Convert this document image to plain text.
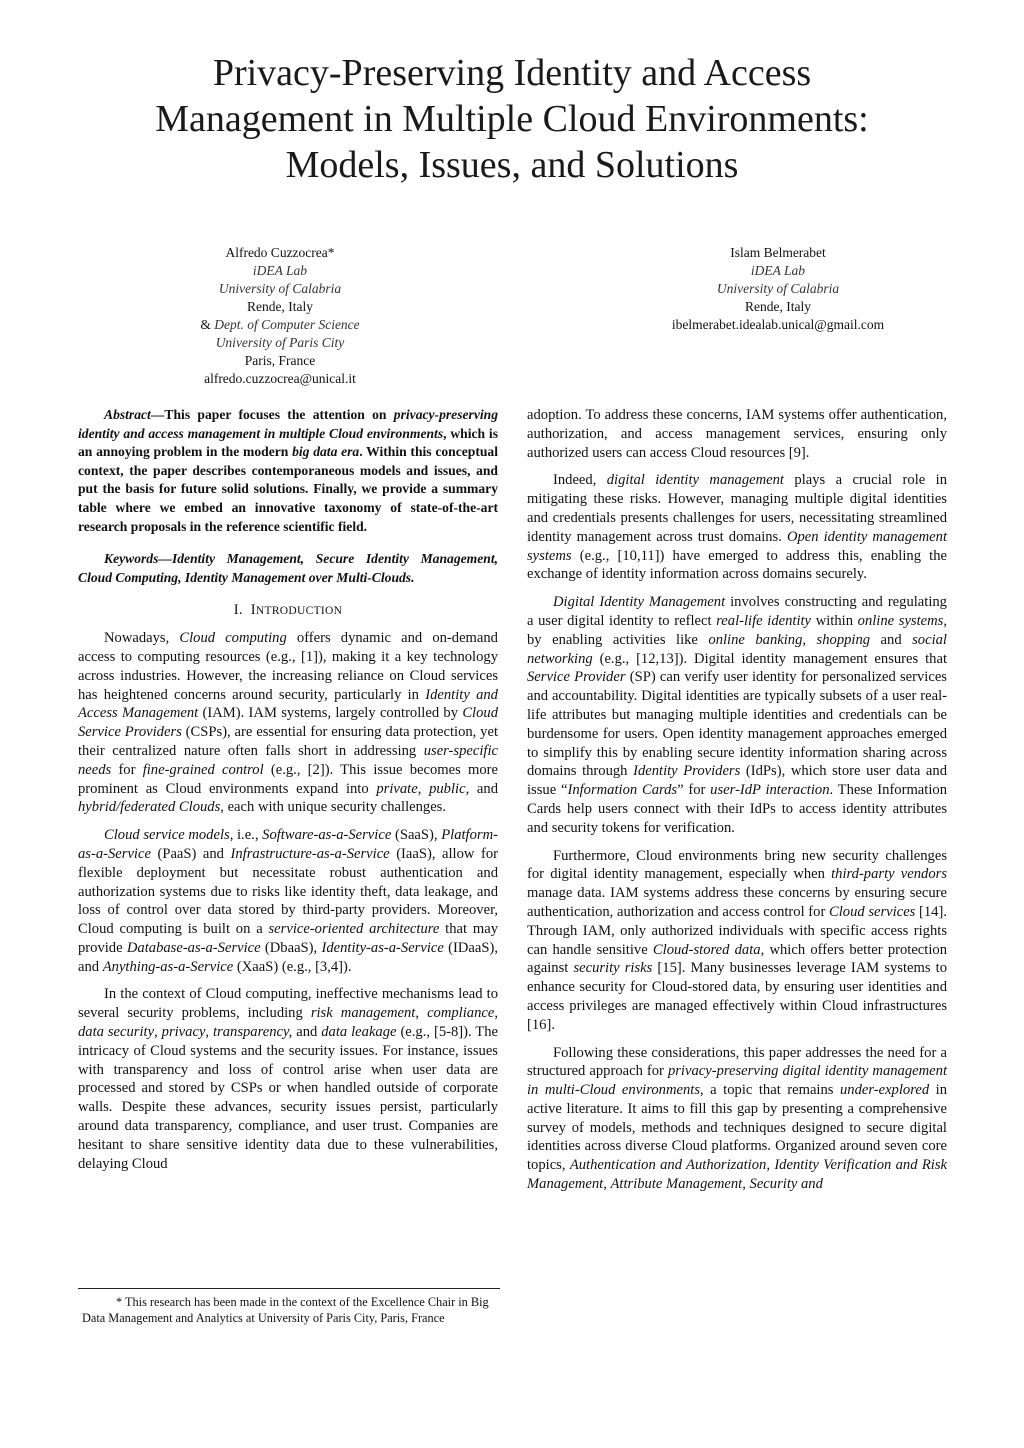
Privacy-Preserving Identity and Access
Management in Multiple Cloud Environments:
Models, Issues, and Solutions
Alfredo Cuzzocrea*
iDEA Lab
University of Calabria
Rende, Italy
& Dept. of Computer Science
University of Paris City
Paris, France
alfredo.cuzzocrea@unical.it
Islam Belmerabet
iDEA Lab
University of Calabria
Rende, Italy
ibelmerabet.idealab.unical@gmail.com

Abstract—This paper focuses the attention on privacy-preserving identity and access management in multiple Cloud environments, which is an annoying problem in the modern big data era. Within this conceptual context, the paper describes contemporaneous models and issues, and put the basis for future solid solutions. Finally, we provide a summary table where we embed an innovative taxonomy of state-of-the-art research proposals in the reference scientific field.

Keywords—Identity Management, Secure Identity Management, Cloud Computing, Identity Management over Multi-Clouds.

I. INTRODUCTION

Nowadays, Cloud computing offers dynamic and on-demand access to computing resources (e.g., [1]), making it a key technology across industries. However, the increasing reliance on Cloud services has heightened concerns around security, particularly in Identity and Access Management (IAM). IAM systems, largely controlled by Cloud Service Providers (CSPs), are essential for ensuring data protection, yet their centralized nature often falls short in addressing user-specific needs for fine-grained control (e.g., [2]). This issue becomes more prominent as Cloud environments expand into private, public, and hybrid/federated Clouds, each with unique security challenges.

Cloud service models, i.e., Software-as-a-Service (SaaS), Platform-as-a-Service (PaaS) and Infrastructure-as-a-Service (IaaS), allow for flexible deployment but necessitate robust authentication and authorization systems due to risks like identity theft, data leakage, and loss of control over data stored by third-party providers. Moreover, Cloud computing is built on a service-oriented architecture that may provide Database-as-a-Service (DbaaS), Identity-as-a-Service (IDaaS), and Anything-as-a-Service (XaaS) (e.g., [3,4]).

In the context of Cloud computing, ineffective mechanisms lead to several security problems, including risk management, compliance, data security, privacy, transparency, and data leakage (e.g., [5-8]). The intricacy of Cloud systems and the security issues. For instance, issues with transparency and loss of control arise when user data are processed and stored by CSPs or when handled outside of corporate walls. Despite these advances, security issues persist, particularly around data transparency, compliance, and user trust. Companies are hesitant to share sensitive identity data due to these vulnerabilities, delaying Cloud

* This research has been made in the context of the Excellence Chair in Big Data Management and Analytics at University of Paris City, Paris, France

adoption. To address these concerns, IAM systems offer authentication, authorization, and access management services, ensuring only authorized users can access Cloud resources [9].

Indeed, digital identity management plays a crucial role in mitigating these risks. However, managing multiple digital identities and credentials presents challenges for users, necessitating streamlined identity management across trust domains. Open identity management systems (e.g., [10,11]) have emerged to address this, enabling the exchange of identity information across domains securely.

Digital Identity Management involves constructing and regulating a user digital identity to reflect real-life identity within online systems, by enabling activities like online banking, shopping and social networking (e.g., [12,13]). Digital identity management ensures that Service Provider (SP) can verify user identity for personalized services and accountability. Digital identities are typically subsets of a user real-life attributes but managing multiple identities and credentials can be burdensome for users. Open identity management approaches emerged to simplify this by enabling secure identity information sharing across domains through Identity Providers (IdPs), which store user data and issue “Information Cards” for user-IdP interaction. These Information Cards help users connect with their IdPs to access identity attributes and security tokens for verification.

Furthermore, Cloud environments bring new security challenges for digital identity management, especially when third-party vendors manage data. IAM systems address these concerns by ensuring secure authentication, authorization and access control for Cloud services [14]. Through IAM, only authorized individuals with specific access rights can handle sensitive Cloud-stored data, which offers better protection against security risks [15]. Many businesses leverage IAM systems to enhance security for Cloud-stored data, by ensuring user identities and access privileges are managed effectively within Cloud infrastructures [16].

Following these considerations, this paper addresses the need for a structured approach for privacy-preserving digital identity management in multi-Cloud environments, a topic that remains under-explored in active literature. It aims to fill this gap by presenting a comprehensive survey of models, methods and techniques designed to secure digital identities across diverse Cloud platforms. Organized around seven core topics, Authentication and Authorization, Identity Verification and Risk Management, Attribute Management, Security and
